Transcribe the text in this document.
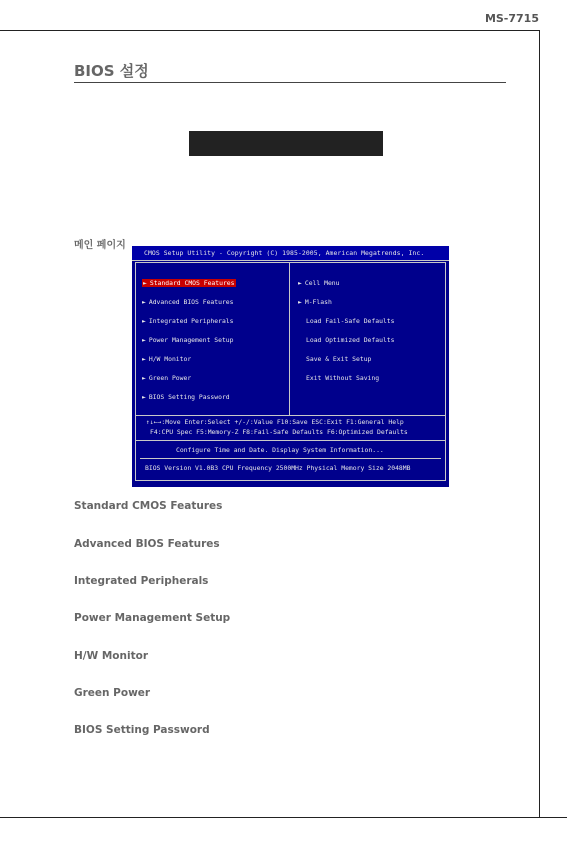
MS-7715
BIOS 설정
메인 페이지
CMOS Setup Utility - Copyright (C) 1985-2005, American Megatrends, Inc.
► Standard CMOS Features
► Advanced BIOS Features
► Integrated Peripherals
► Power Management Setup
► H/W Monitor
► Green Power
► BIOS Setting Password
► Cell Menu
► M-Flash
Load Fail-Safe Defaults
Load Optimized Defaults
Save & Exit Setup
Exit Without Saving
↑↓←→:Move Enter:Select +/-/:Value F10:Save ESC:Exit F1:General Help
F4:CPU Spec F5:Memory-Z F8:Fail-Safe Defaults F6:Optimized Defaults
Configure Time and Date. Display System Information...
BIOS Version V1.0B3 CPU Frequency 2500MHz Physical Memory Size 2048MB
Standard CMOS Features
Advanced BIOS Features
Integrated Peripherals
Power Management Setup
H/W Monitor
Green Power
BIOS Setting Password
